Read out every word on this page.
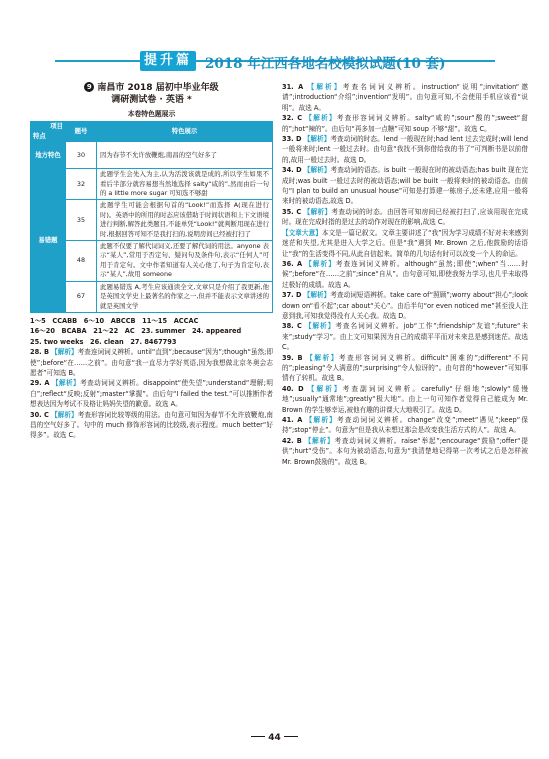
提升篇 2018 年江西各地名校模拟试题(10 套)
9 南昌市 2018 届初中毕业年级
调研测试卷 · 英语 *
本卷特色题展示
项目
特点	题号	特色展示
地方特色	30	因为春节不允许放鞭炮,南昌的空气好多了
易错题	32	此题学生会先入为主,认为活泼该就是成的,所以学生如果不看后半部分就容易想当然地选择 salty“咸的”,然而由后一句的 a little more sugar 可知选不够甜
	35	此题学生可能会根据句首的“Look!”而选择 A(现在进行时)。英语中的所用的时态应该借助于时间状语和上下文语境进行判断,解答此类题目,不能单凭“Look!”就判断用现在进行时,根据回答可知不是我打扫的,说明房间已经被打扫了
	48	此题不仅要了解代词词义,还要了解代词的用法。anyone 表示“某人”,常用于否定句、疑问句及条件句,表示“任何人”可用于肯定句。文中作者知道有人关心他了,句子为肯定句,表示“某人”,故用 someone
	67	此题易错选 A,考生应该通读全文,文章只是介绍了我更新,他是英国文学史上最著名的作家之一,但并不能表示文章讲述的就是英国文学

1～5　CCABB　6～10　ABCCB　11～15　ACCAC

16～20　BCABA　21～22　AC　23. summer　24. appeared

25. two weeks　26. clean　27. 8467793

28. B 【解析】考查连词词义辨析。until“直到”;because“因为”;though“虽然;即使”;before“在……之前”。由句意“我一直尽力学好英语,因为我想做北京冬奥会志愿者”可知选 B。

29. A 【解析】考查动词词义辨析。disappoint“使失望”;understand“理解;明白”;reflect“反映;反射”;master“掌握”。由后句“I failed the test.”可以推断作者想表达因为考试不及格让妈妈失望的歉意。故选 A。

30. C 【解析】考查形容词比较等级的用法。由句意可知因为春节不允许放鞭炮,南昌的空气好多了。句中的 much 修饰形容词的比较级,表示程度。much better“好得多”。故选 C。

31. A 【解析】考查名词词义辨析。instruction“说明”;invitation“邀请”;introduction“介绍”;invention“发明”。由句意可知,不会使用手机应该看“说明”。故选 A。

32. C 【解析】考查形容词词义辨析。salty“咸的”;sour“酸的”;sweet“甜的”;hot“辣的”。由后句“再多加一点糖”可知 soup 不够“甜”。故选 C。

33. D 【解析】考查动词的时态。lend 一般现在时;had lent 过去完成时;will lend 一般将来时;lent 一般过去时。由句意“我找不到你借给我的书了”可判断书是以前借的,故用一般过去时。故选 D。

34. D 【解析】考查动词的语态。is built 一般现在时的被动语态;has built 现在完成时;was built 一般过去时的被动语态;will be built 一般将来时的被动语态。由前句“I plan to build an unusual house”可知是打算建一栋房子,还未建,应用一般将来时的被动语态,故选 D。

35. C 【解析】考查动词的时态。由回答可知房间已经被打扫了,应该用现在完成时。现在完成时指的是过去的动作对现在的影响,故选 C。

【文章大意】本文是一篇记叙文。文章主要讲述了“我”因为学习成绩不好对未来感到迷茫和失望,尤其是进入大学之后。但是“我”遇到 Mr. Brown 之后,他鼓励的话语让“我”的生活变得不同,从此自信起来。简单的几句话有时可以改变一个人的命运。

36. A 【解析】考查连词词义辨析。although“虽然;即使”;when“当……时候”;before“在……之前”;since“自从”。由句意可知,即使我努力学习,也几乎未取得过极好的成绩。故选 A。

37. D 【解析】考查动词短语辨析。take care of“照顾”;worry about“担心”;look down on“看不起”;car about“关心”。由后半句“or even noticed me”甚至没人注意到我,可知我觉得没有人关心我。故选 D。

38. C 【解析】考查名词词义辨析。job“工作”;friendship“友谊”;future“未来”;study“学习”。由上文可知果因为自己的成绩平平而对未来总是感到迷茫。故选 C。

39. B 【解析】考查形容词词义辨析。difficult“困难的”;different“不同的”;pleasing“令人满意的”;surprising“令人惊讶的”。由句首的“however”可知事情有了转机。故选 B。

40. D 【解析】考查副词词义辨析。carefully“仔细地”;slowly“缓慢地”;usually“通常地”;greatly“极大地”。由上一句可知作者觉得自己能成为 Mr. Brown 的学生够幸运,被他有趣的讲课大大地吸引了。故选 D。

41. A 【解析】考查动词词义辨析。change“改变”;meet“遇见”;keep“保持”;stop“停止”。句意为“但是我从未想过那会是改变我生活方式的人”。故选 A。

42. B 【解析】考查动词词义辨析。raise“举起”;encourage“鼓励”;offer“提供”;hurt“受伤”。本句为被动语态,句意为“我清楚地记得第一次考试之后是怎样被 Mr. Brown鼓励的”。故选 B。

44
